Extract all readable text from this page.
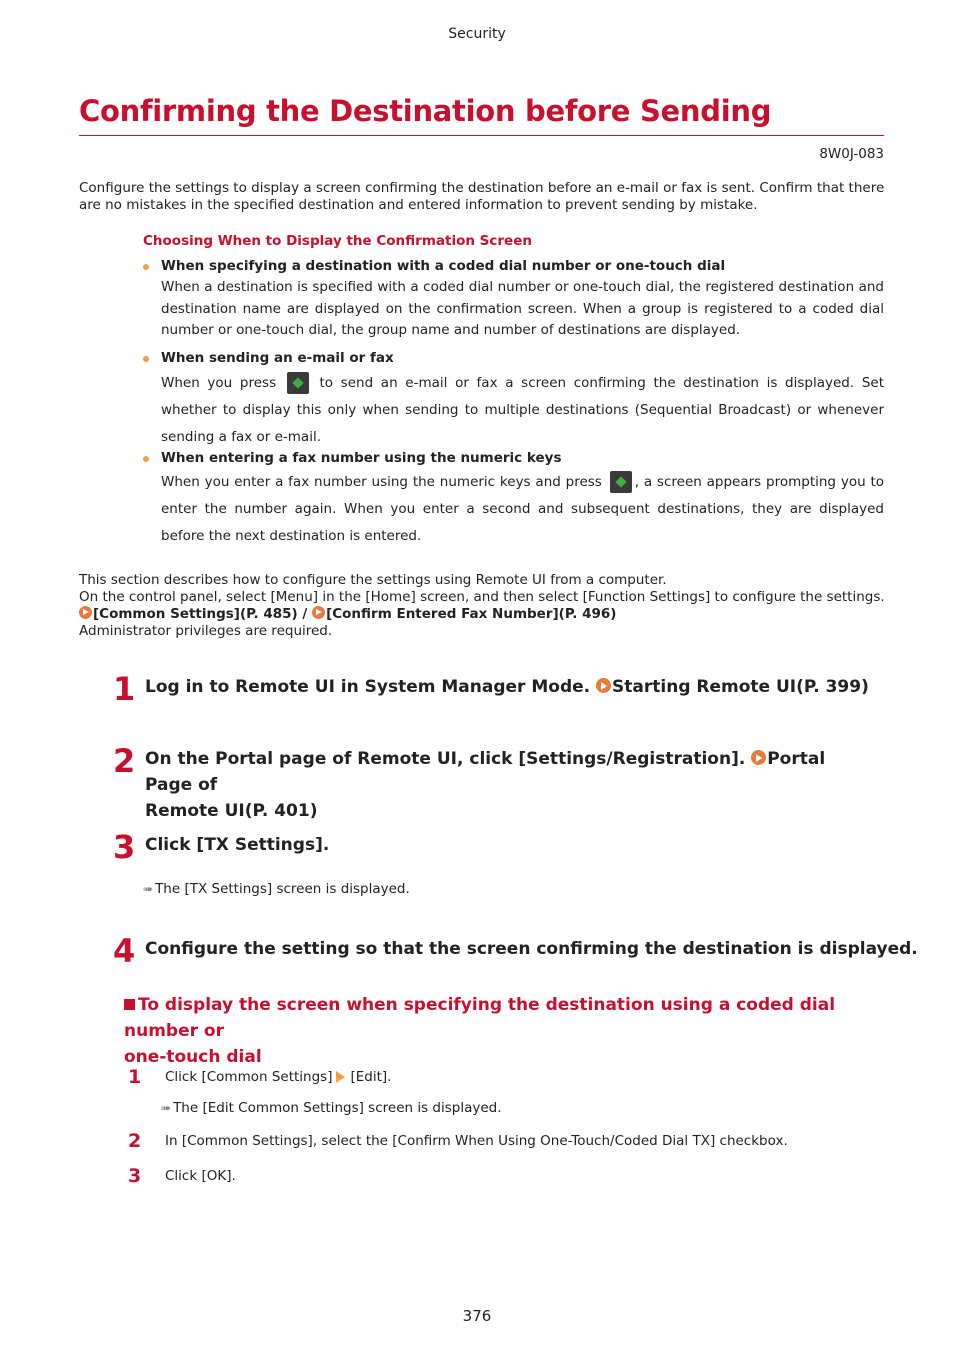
Security
Confirming the Destination before Sending
8W0J-083
Configure the settings to display a screen confirming the destination before an e-mail or fax is sent. Confirm that there
are no mistakes in the specified destination and entered information to prevent sending by mistake.
Choosing When to Display the Confirmation Screen
When specifying a destination with a coded dial number or one-touch dial
When a destination is specified with a coded dial number or one-touch dial, the registered destination and destination name are displayed on the confirmation screen. When a group is registered to a coded dial number or one-touch dial, the group name and number of destinations are displayed.
When sending an e-mail or fax
When you press	to send an e-mail or fax a screen confirming the destination is displayed. Set whether to display this only when sending to multiple destinations (Sequential Broadcast) or whenever sending a fax or e-mail.
When entering a fax number using the numeric keys
When you enter a fax number using the numeric keys and press , a screen appears prompting you to enter the number again. When you enter a second and subsequent destinations, they are displayed before the next destination is entered.
This section describes how to configure the settings using Remote UI from a computer.
On the control panel, select [Menu] in the [Home] screen, and then select [Function Settings] to configure the settings.
[Common Settings](P. 485) / [Confirm Entered Fax Number](P. 496)
Administrator privileges are required.
1 Log in to Remote UI in System Manager Mode. Starting Remote UI(P. 399)
2 On the Portal page of Remote UI, click [Settings/Registration]. Portal Page of
Remote UI(P. 401)
3 Click [TX Settings].
➠ The [TX Settings] screen is displayed.
4 Configure the setting so that the screen confirming the destination is displayed.
To display the screen when specifying the destination using a coded dial number or
one-touch dial
1 Click [Common Settings] [Edit].
➠ The [Edit Common Settings] screen is displayed.
2 In [Common Settings], select the [Confirm When Using One-Touch/Coded Dial TX] checkbox.
3 Click [OK].
376
